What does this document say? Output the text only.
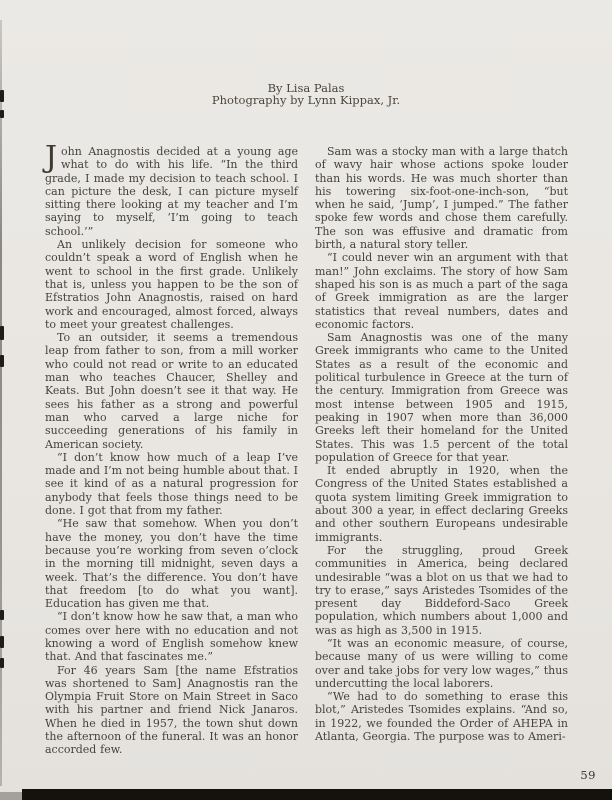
By Lisa Palas
Photography by Lynn Kippax, Jr.

John Anagnostis decided at a young age what to do with his life. “In the third grade, I made my decision to teach school. I can picture the desk, I can picture myself sitting there looking at my teacher and I’m saying to myself, ‘I’m going to teach school.’”

An unlikely decision for someone who couldn’t speak a word of English when he went to school in the first grade. Unlikely that is, unless you happen to be the son of Efstratios John Anagnostis, raised on hard work and encouraged, almost forced, always to meet your greatest challenges.

To an outsider, it seems a tremendous leap from father to son, from a mill worker who could not read or write to an educated man who teaches Chaucer, Shelley and Keats. But John doesn’t see it that way. He sees his father as a strong and powerful man who carved a large niche for succeeding generations of his family in American society.

“I don’t know how much of a leap I’ve made and I’m not being humble about that. I see it kind of as a natural progression for anybody that feels those things need to be done. I got that from my father.

“He saw that somehow. When you don’t have the money, you don’t have the time because you’re working from seven o’clock in the morning till midnight, seven days a week. That’s the difference. You don’t have that freedom [to do what you want]. Education has given me that.

“I don’t know how he saw that, a man who comes over here with no education and not knowing a word of English somehow knew that. And that fascinates me.”

For 46 years Sam [the name Efstratios was shortened to Sam] Anagnostis ran the Olympia Fruit Store on Main Street in Saco with his partner and friend Nick Janaros. When he died in 1957, the town shut down the afternoon of the funeral. It was an honor accorded few.

Sam was a stocky man with a large thatch of wavy hair whose actions spoke louder than his words. He was much shorter than his towering six-foot-one-inch-son, “but when he said, ‘Jump’, I jumped.” The father spoke few words and chose them carefully. The son was effusive and dramatic from birth, a natural story teller.

“I could never win an argument with that man!” John exclaims. The story of how Sam shaped his son is as much a part of the saga of Greek immigration as are the larger statistics that reveal numbers, dates and economic factors.

Sam Anagnostis was one of the many Greek immigrants who came to the United States as a result of the economic and political turbulence in Greece at the turn of the century. Immigration from Greece was most intense between 1905 and 1915, peaking in 1907 when more than 36,000 Greeks left their homeland for the United States. This was 1.5 percent of the total population of Greece for that year.

It ended abruptly in 1920, when the Congress of the United States established a quota system limiting Greek immigration to about 300 a year, in effect declaring Greeks and other southern Europeans undesirable immigrants.

For the struggling, proud Greek communities in America, being declared undesirable “was a blot on us that we had to try to erase,” says Aristedes Tsomides of the present day Biddeford-Saco Greek population, which numbers about 1,000 and was as high as 3,500 in 1915.

“It was an economic measure, of course, because many of us were willing to come over and take jobs for very low wages,” thus undercutting the local laborers.

“We had to do something to erase this blot,” Aristedes Tsomides explains. “And so, in 1922, we founded the Order of AHEPA in Atlanta, Georgia. The purpose was to Ameri-

59
